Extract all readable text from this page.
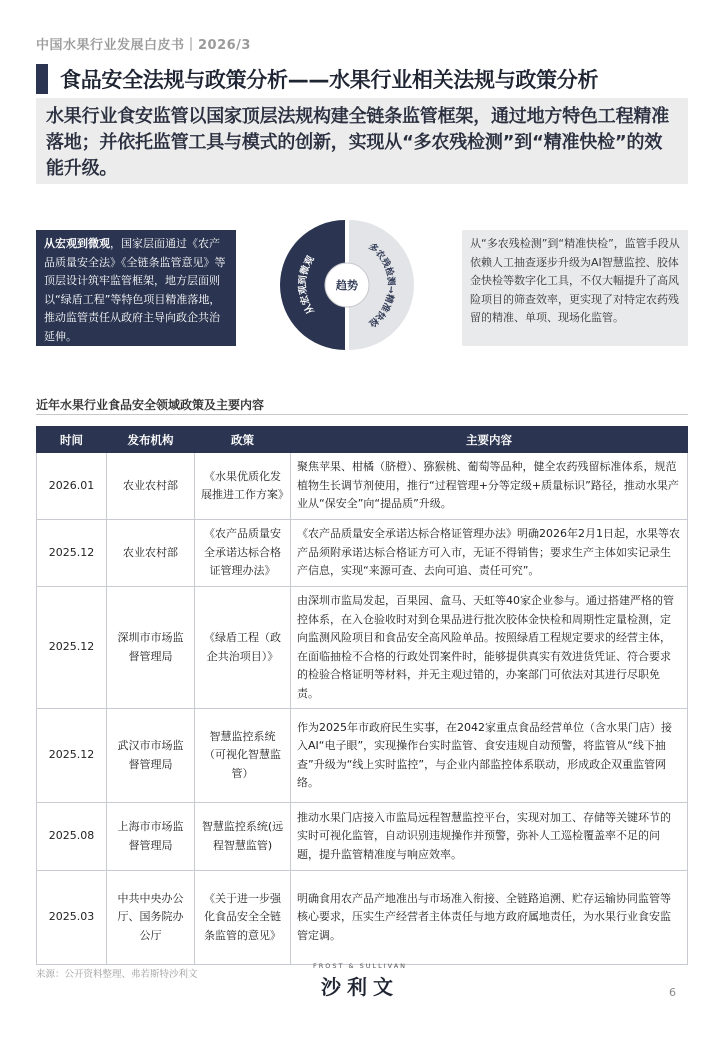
中国水果行业发展白皮书｜2026/3
食品安全法规与政策分析——水果行业相关法规与政策分析
水果行业食安监管以国家顶层法规构建全链条监管框架，通过地方特色工程精准落地；并依托监管工具与模式的创新，实现从“多农残检测”到“精准快检”的效能升级。
从宏观到微观，国家层面通过《农产品质量安全法》《全链条监管意见》等顶层设计筑牢监管框架，地方层面则以“绿盾工程”等特色项目精准落地，推动监管责任从政府主导向政企共治延伸。
趋势
从宏观到微观
多农残检测→精准快检
从“多农残检测”到“精准快检”，监管手段从依赖人工抽查逐步升级为AI智慧监控、胶体金快检等数字化工具，不仅大幅提升了高风险项目的筛查效率，更实现了对特定农药残留的精准、单项、现场化监管。
近年水果行业食品安全领域政策及主要内容
时间	发布机构	政策	主要内容
2026.01	农业农村部	《水果优质化发展推进工作方案》	聚焦苹果、柑橘（脐橙）、猕猴桃、葡萄等品种，健全农药残留标准体系，规范植物生长调节剂使用，推行“过程管理+分等定级+质量标识”路径，推动水果产业从“保安全”向“提品质”升级。
2025.12	农业农村部	《农产品质量安全承诺达标合格证管理办法》	《农产品质量安全承诺达标合格证管理办法》明确2026年2月1日起，水果等农产品须附承诺达标合格证方可入市，无证不得销售；要求生产主体如实记录生产信息，实现“来源可查、去向可追、责任可究”。
2025.12	深圳市市场监督管理局	《绿盾工程（政企共治项目）》	由深圳市监局发起，百果园、盒马、天虹等40家企业参与。通过搭建严格的管控体系，在入仓验收时对到仓果品进行批次胶体金快检和周期性定量检测，定向监测风险项目和食品安全高风险单品。按照绿盾工程规定要求的经营主体，在面临抽检不合格的行政处罚案件时，能够提供真实有效进货凭证、符合要求的检验合格证明等材料，并无主观过错的，办案部门可依法对其进行尽职免责。
2025.12	武汉市市场监督管理局	智慧监控系统（可视化智慧监管）	作为2025年市政府民生实事，在2042家重点食品经营单位（含水果门店）接入AI“电子眼”，实现操作台实时监管、食安违规自动预警，将监管从“线下抽查”升级为“线上实时监控”，与企业内部监控体系联动，形成政企双重监管网络。
2025.08	上海市市场监督管理局	智慧监控系统(远程智慧监管)	推动水果门店接入市监局远程智慧监控平台，实现对加工、存储等关键环节的实时可视化监管，自动识别违规操作并预警，弥补人工巡检覆盖率不足的问题，提升监管精准度与响应效率。
2025.03	中共中央办公厅、国务院办公厅	《关于进一步强化食品安全全链条监管的意见》	明确食用农产品产地准出与市场准入衔接、全链路追溯、贮存运输协同监管等核心要求，压实生产经营者主体责任与地方政府属地责任，为水果行业食安监管定调。
来源：公开资料整理、弗若斯特沙利文
FROST & SULLIVAN
沙利文	6
